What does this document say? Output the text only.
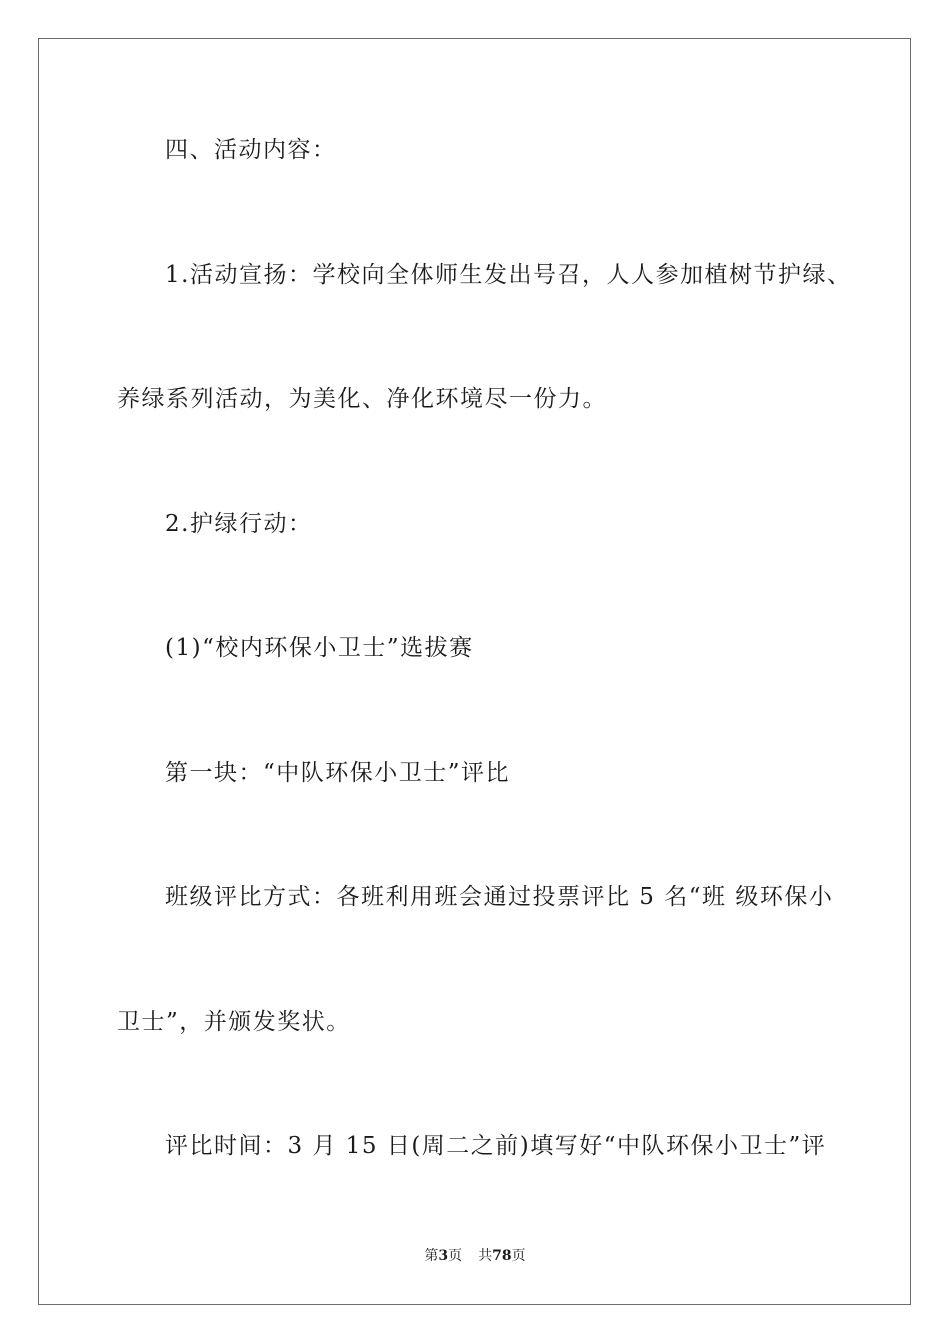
四、活动内容：
1.活动宣扬：学校向全体师生发出号召，人人参加植树节护绿、
养绿系列活动，为美化、净化环境尽一份力。
2.护绿行动：
(1)“校内环保小卫士”选拔赛
第一块：“中队环保小卫士”评比
班级评比方式：各班利用班会通过投票评比 5 名“班 级环保小
卫士”，并颁发奖状。
评比时间：3 月 15 日(周二之前)填写好“中队环保小卫士”评
第3页 共78页
